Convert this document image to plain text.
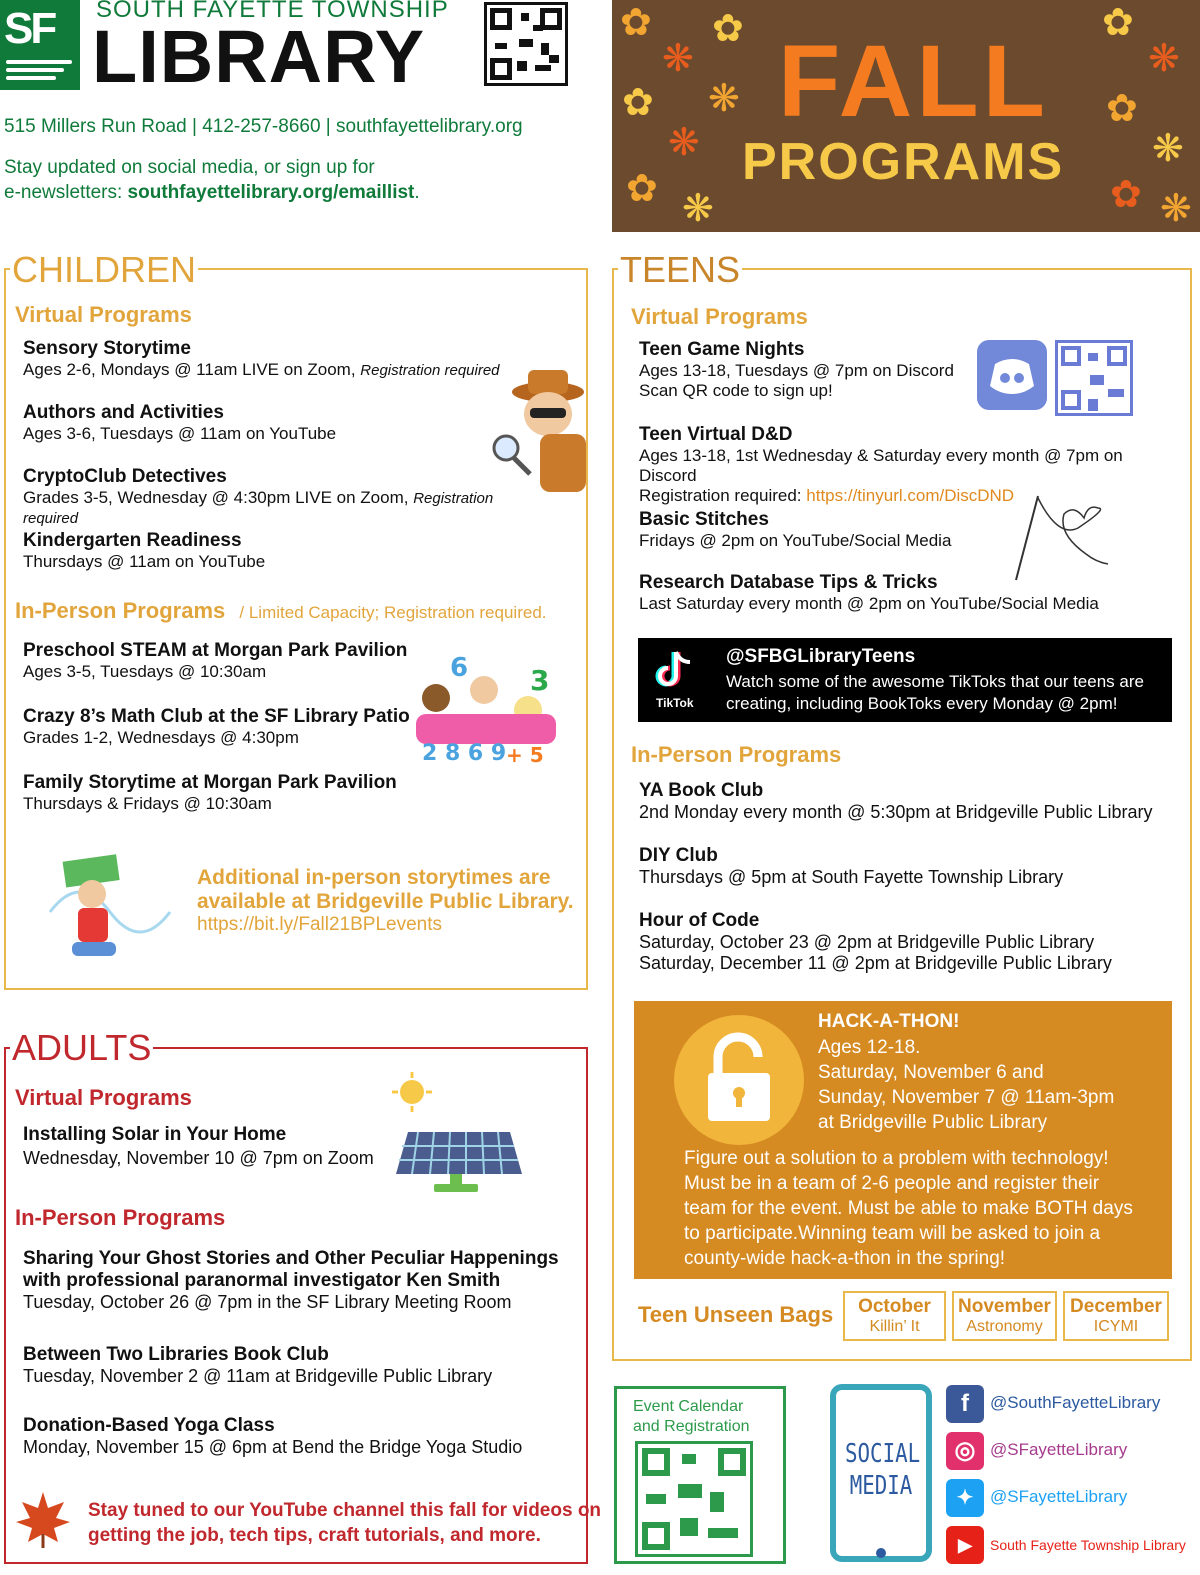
SF SOUTH FAYETTE TOWNSHIP
LIBRARY
515 Millers Run Road | 412-257-8660 | southfayettelibrary.org
Stay updated on social media, or sign up for
e-newsletters: southfayettelibrary.org/emaillist.
✿
❋
✿
❋
✿ ❋
✿
❋
✿
❋
✿
❋
✿ ❋
FALL
PROGRAMS
CHILDREN
Virtual Programs
Sensory Storytime
Ages 2-6, Mondays @ 11am LIVE on Zoom, Registration required
Authors and Activities
Ages 3-6, Tuesdays @ 11am on YouTube
CryptoClub Detectives
Grades 3-5, Wednesday @ 4:30pm LIVE on Zoom, Registration required
Kindergarten Readiness
Thursdays @ 11am on YouTube
In-Person Programs / Limited Capacity; Registration required.
Preschool STEAM at Morgan Park Pavilion
Ages 3-5, Tuesdays @ 10:30am
Crazy 8’s Math Club at the SF Library Patio
Grades 1-2, Wednesdays @ 4:30pm
Family Storytime at Morgan Park Pavilion
Thursdays & Fridays @ 10:30am
6 3
2 8 6 9 + 5
Additional in-person storytimes are
available at Bridgeville Public Library.
https://bit.ly/Fall21BPLevents
ADULTS
Virtual Programs
Installing Solar in Your Home
Wednesday, November 10 @ 7pm on Zoom
In-Person Programs
Sharing Your Ghost Stories and Other Peculiar Happenings
with professional paranormal investigator Ken Smith
Tuesday, October 26 @ 7pm in the SF Library Meeting Room
Between Two Libraries Book Club
Tuesday, November 2 @ 11am at Bridgeville Public Library
Donation-Based Yoga Class
Monday, November 15 @ 6pm at Bend the Bridge Yoga Studio
Stay tuned to our YouTube channel this fall for videos on
getting the job, tech tips, craft tutorials, and more.
TEENS
Virtual Programs
Teen Game Nights
Ages 13-18, Tuesdays @ 7pm on Discord
Scan QR code to sign up!
Teen Virtual D&D
Ages 13-18, 1st Wednesday & Saturday every month @ 7pm on Discord
Registration required: https://tinyurl.com/DiscDND
Basic Stitches
Fridays @ 2pm on YouTube/Social Media
Research Database Tips & Tricks
Last Saturday every month @ 2pm on YouTube/Social Media
TikTok
@SFBGLibraryTeens
Watch some of the awesome TikToks that our teens are
creating, including BookToks every Monday @ 2pm!
In-Person Programs
YA Book Club
2nd Monday every month @ 5:30pm at Bridgeville Public Library
DIY Club
Thursdays @ 5pm at South Fayette Township Library
Hour of Code
Saturday, October 23 @ 2pm at Bridgeville Public Library
Saturday, December 11 @ 2pm at Bridgeville Public Library
HACK-A-THON!
Ages 12-18.
Saturday, November 6 and
Sunday, November 7 @ 11am-3pm
at Bridgeville Public Library
Figure out a solution to a problem with technology!
Must be in a team of 2-6 people and register their
team for the event. Must be able to make BOTH days
to participate.Winning team will be asked to join a
county-wide hack-a-thon in the spring!
Teen Unseen Bags	October
Killin’ It
November
Astronomy
December
ICYMI
Event Calendar
and Registration
SOCIAL
MEDIA
f	@SouthFayetteLibrary
◎ @SFayetteLibrary
✦ @SFayetteLibrary
▶	South Fayette Township Library
